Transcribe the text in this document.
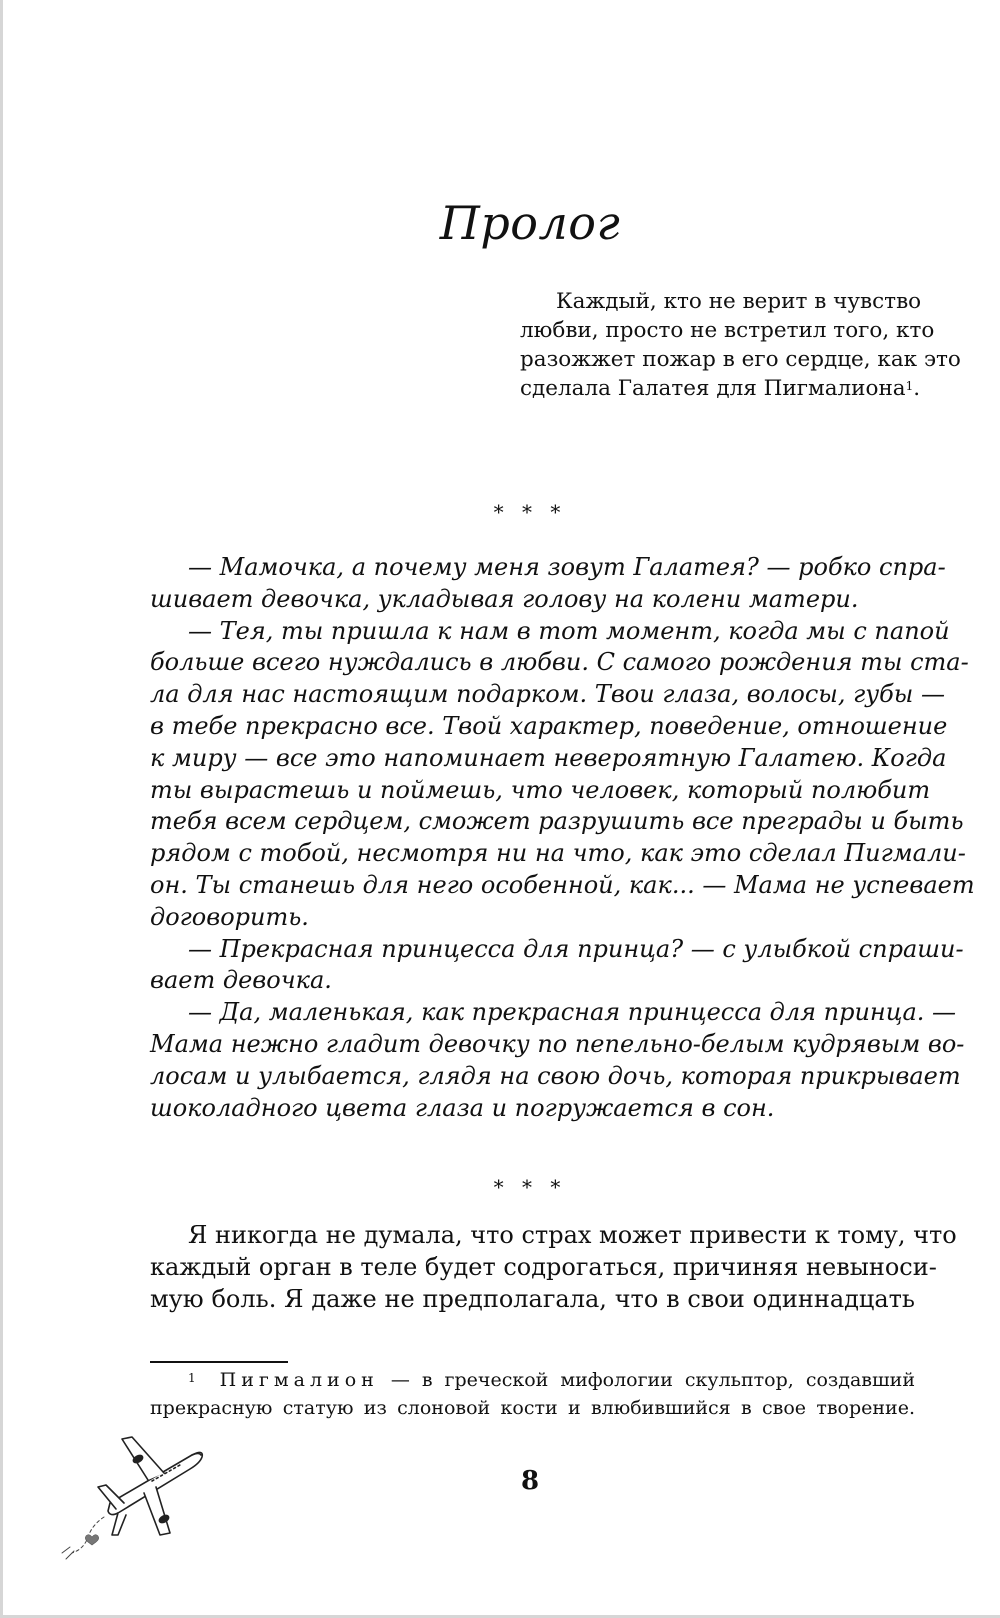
Пролог
Каждый, кто не верит в чувство
любви, просто не встретил того, кто
разожжет пожар в его сердце, как это
сделала Галатея для Пигмалиона$^1$.
* * *
— Мамочка, а почему меня зовут Галатея? — робко спра-
шивает девочка, укладывая голову на колени матери.
— Тея, ты пришла к нам в тот момент, когда мы с папой
больше всего нуждались в любви. С самого рождения ты ста-
ла для нас настоящим подарком. Твои глаза, волосы, губы —
в тебе прекрасно все. Твой характер, поведение, отношение
к миру — все это напоминает невероятную Галатею. Когда
ты вырастешь и поймешь, что человек, который полюбит
тебя всем сердцем, сможет разрушить все преграды и быть
рядом с тобой, несмотря ни на что, как это сделал Пигмали-
он. Ты станешь для него особенной, как... — Мама не успевает
договорить.
— Прекрасная принцесса для принца? — с улыбкой спраши-
вает девочка.
— Да, маленькая, как прекрасная принцесса для принца. —
Мама нежно гладит девочку по пепельно-белым кудрявым во-
лосам и улыбается, глядя на свою дочь, которая прикрывает
шоколадного цвета глаза и погружается в сон.
* * *
Я никогда не думала, что страх может привести к тому, что
каждый орган в теле будет содрогаться, причиняя невыноси-
мую боль. Я даже не предполагала, что в свои одиннадцать
$^1$ Пигмалион — в греческой мифологии скульптор, создавший
прекрасную статую из слоновой кости и влюбившийся в свое творение.
8
